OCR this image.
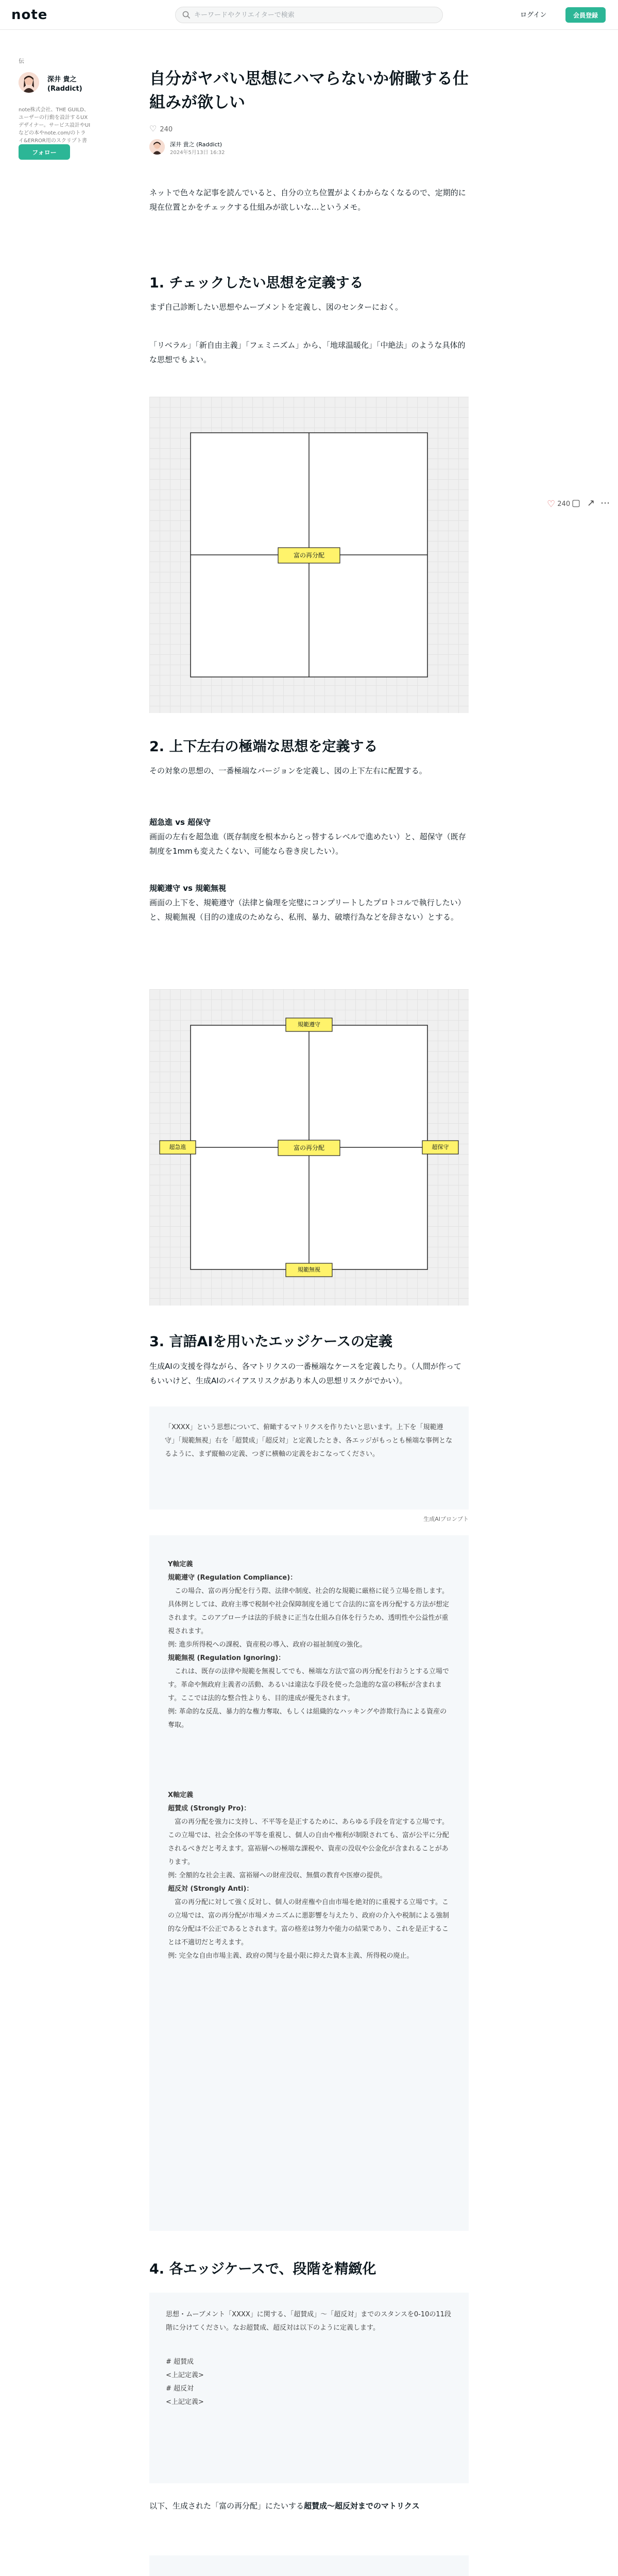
note
キーワードやクリエイターで検索	ログイン	会員登録
伝
深井 貴之 (Raddict)
note株式会社、THE GUILD、ユーザーの行動を設計するUXデザイナー。サービス設計やUIなどの本やnote.com/のトライ&ERROR用のスクリプト書
フォロー
♡ 240 ▢ ↗ ⋯
自分がヤバい思想にハマらないか俯瞰する仕組みが欲しい
♡ 240
深井 貴之 (Raddict)
2024年5月13日 16:32
ネットで色々な記事を読んでいると、自分の立ち位置がよくわからなくなるので、定期的に現在位置とかをチェックする仕組みが欲しいな…というメモ。
1. チェックしたい思想を定義する
まず自己診断したい思想やムーブメントを定義し、図のセンターにおく。
「リベラル」「新自由主義」「フェミニズム」から、「地球温暖化」「中絶法」のような具体的な思想でもよい。
富の再分配
2. 上下左右の極端な思想を定義する
その対象の思想の、一番極端なバージョンを定義し、図の上下左右に配置する。
超急進 vs 超保守
画面の左右を超急進（既存制度を根本からとっ替するレベルで進めたい）と、超保守（既存制度を1mmも変えたくない、可能なら巻き戻したい）。
規範遵守 vs 規範無視
画面の上下を、規範遵守（法律と倫理を完璧にコンプリートしたプロトコルで執行したい）と、規範無視（目的の達成のためなら、私刑、暴力、破壊行為などを辞さない）とする。
富の再分配
規範遵守
規範無視
超急進	超保守
3. 言語AIを用いたエッジケースの定義
生成AIの支援を得ながら、各マトリクスの一番極端なケースを定義したり。（人間が作ってもいいけど、生成AIのバイアスリスクがあり本人の思想リスクがでかい）。
「XXXX」という思想について、俯瞰するマトリクスを作りたいと思います。上下を「規範遵守」「規範無視」右を「超賛成」「超反対」と定義したとき、各エッジがもっとも極端な事例となるように、まず縦軸の定義、つぎに横軸の定義をおこなってください。
生成AIプロンプト
Y軸定義
規範遵守 (Regulation Compliance)：
この場合、富の再分配を行う際、法律や制度、社会的な規範に厳格に従う立場を指します。具体例としては、政府主導で税制や社会保障制度を通じて合法的に富を再分配する方法が想定されます。このアプローチは法的手続きに正当な仕組み自体を行うため、透明性や公益性が重視されます。
例: 進歩所得税への課税、資産税の導入、政府の福祉制度の強化。
規範無視 (Regulation Ignoring)：
これは、既存の法律や規範を無視してでも、極端な方法で富の再分配を行おうとする立場です。革命や無政府主義者の活動、あるいは違法な手段を使った急進的な富の移転が含まれます。ここでは法的な整合性よりも、目的達成が優先されます。
例: 革命的な反乱、暴力的な権力奪取、もしくは組織的なハッキングや詐欺行為による資産の奪取。
X軸定義
超賛成 (Strongly Pro)：
富の再分配を強力に支持し、不平等を是正するために、あらゆる手段を肯定する立場です。この立場では、社会全体の平等を重視し、個人の自由や権利が制限されても、富が公平に分配されるべきだと考えます。富裕層への極端な課税や、資産の没収や公金化が含まれることがあります。
例: 全額的な社会主義、富裕層への財産没収、無償の教育や医療の提供。
超反対 (Strongly Anti)：
富の再分配に対して強く反対し、個人の財産権や自由市場を絶対的に重視する立場です。この立場では、富の再分配が市場メカニズムに悪影響を与えたり、政府の介入や税制による強制的な分配は不公正であるとされます。富の格差は努力や能力の結果であり、これを是正することは不適切だと考えます。
例: 完全な自由市場主義、政府の関与を最小限に抑えた資本主義、所得税の廃止。
4. 各エッジケースで、段階を精緻化
思想・ムーブメント「XXXX」に関する、「超賛成」～「超反対」までのスタンスを0-10の11段階に分けてください。なお超賛成、超反対は以下のように定義します。
# 超賛成
<上記定義>
# 超反対
<上記定義>
以下、生成された「富の再分配」にたいする超賛成～超反対までのマトリクス
